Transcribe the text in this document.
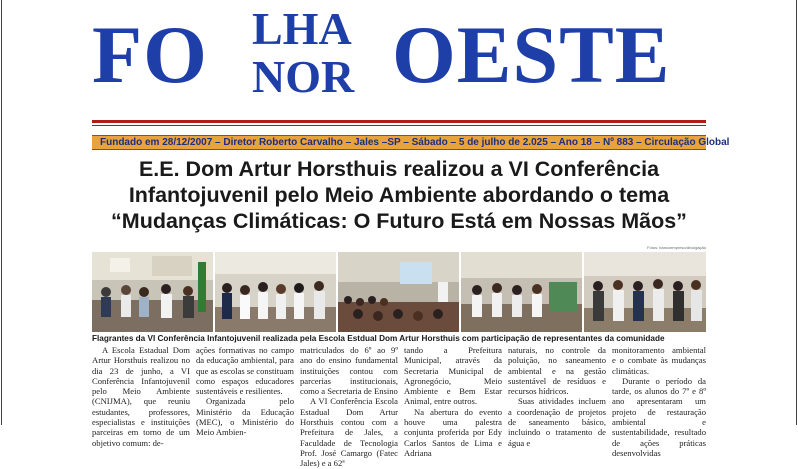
FO LHA
NOR OESTE
Fundado em 28/12/2007 – Diretor Roberto Carvalho – Jales –SP – Sábado – 5 de julho de 2.025 – Ano 18 – Nº 883 – Circulação Global
E.E. Dom Artur Horsthuis realizou a VI Conferência
Infantojuvenil pelo Meio Ambiente abordando o tema
“Mudanças Climáticas: O Futuro Está em Nossas Mãos”
Fotos: bancoempreso/divulgação
Flagrantes da VI Conferência Infantojuvenil realizada pela Escola Estdual Dom Artur Horsthuis com participação de representantes da comunidade

A Escola Estadual Dom Artur Horsthuis realizou no dia 23 de junho, a VI Conferência Infantojuvenil pelo Meio Ambiente (CNIJMA), que reuniu estudantes, professores, especialistas e instituições parceiras em torno de um objetivo comum: de-

ações formativas no campo da educação ambiental, para que as escolas se constituam como espaços educadores sustentáveis e resilientes.

Organizada pelo Ministério da Educação (MEC), o Ministério do Meio Ambien-

matriculados do 6º ao 9º ano do ensino fundamental instituições contou com parcerias institucionais, como a Secretaria de Ensino

A VI Conferência Escola Estadual Dom Artur Horsthuis contou com a Prefeitura de Jales, a Faculdade de Tecnologia Prof. José Camargo (Fatec Jales) e a 62ª

tando a Prefeitura Municipal, através da Secretaria Municipal de Agronegócio, Meio Ambiente e Bem Estar Animal, entre outros.

Na abertura do evento houve uma palestra conjunta proferida por Edy Carlos Santos de Lima e Adriana

naturais, no controle da poluição, no saneamento ambiental e na gestão sustentável de resíduos e recursos hídricos.

Suas atividades incluem a coordenação de projetos de saneamento básico, incluindo o tratamento de água e

monitoramento ambiental e o combate às mudanças climáticas.

Durante o período da tarde, os alunos do 7º e 8º ano apresentaram um projeto de restauração ambiental e sustentabilidade, resultado de ações práticas desenvolvidas
